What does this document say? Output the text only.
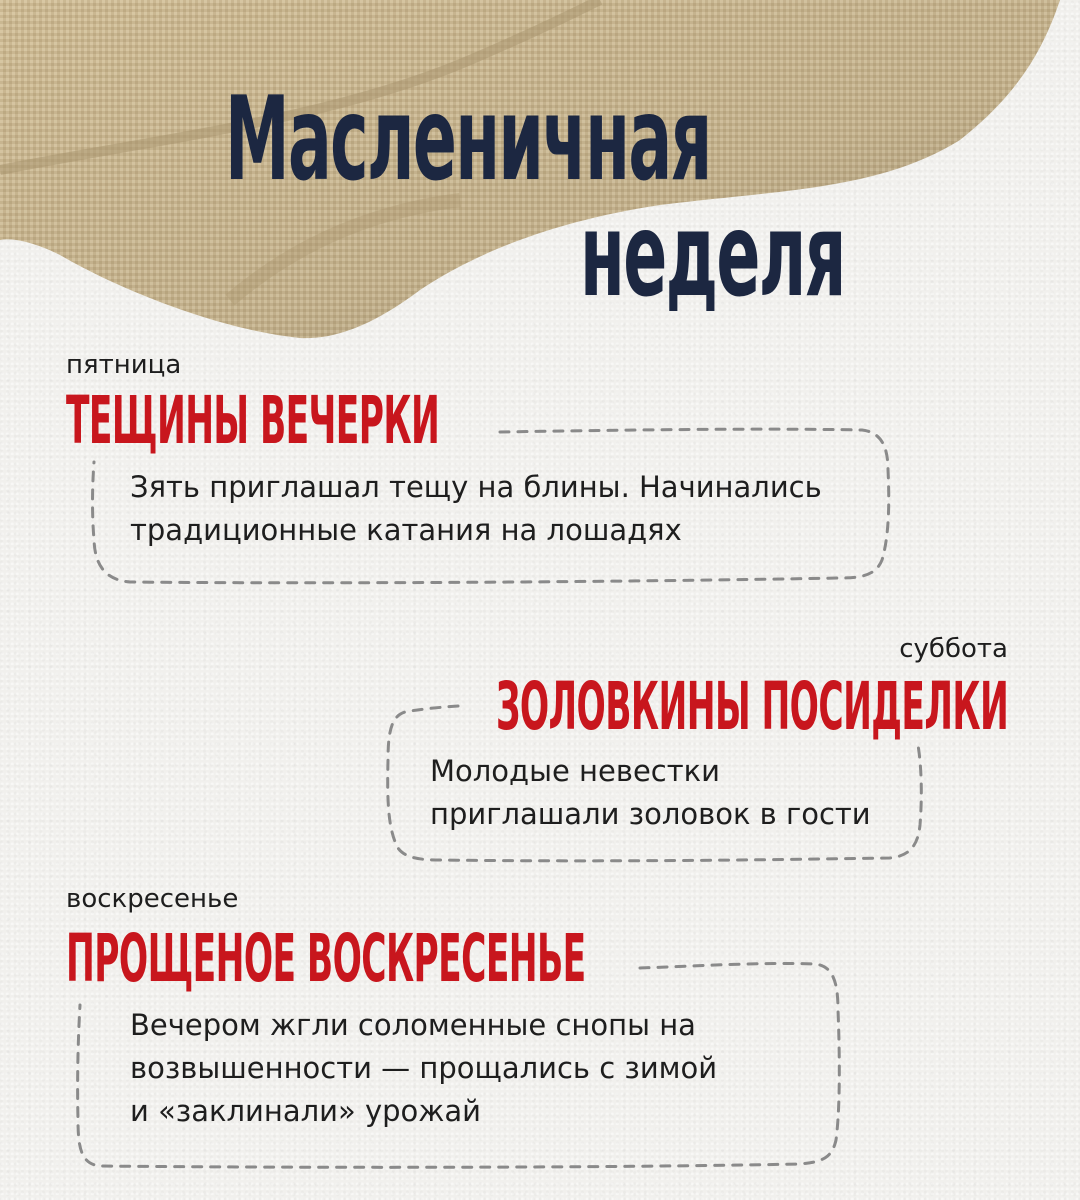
Масленичная
неделя

пятница

ТЕЩИНЫ ВЕЧЕРКИ
Зять приглашал тещу на блины. Начинались
традиционные катания на лошадях

суббота

ЗОЛОВКИНЫ ПОСИДЕЛКИ
Молодые невестки
приглашали золовок в гости

воскресенье

ПРОЩЕНОЕ ВОСКРЕСЕНЬЕ
Вечером жгли соломенные снопы на
возвышенности — прощались с зимой
и «заклинали» урожай
